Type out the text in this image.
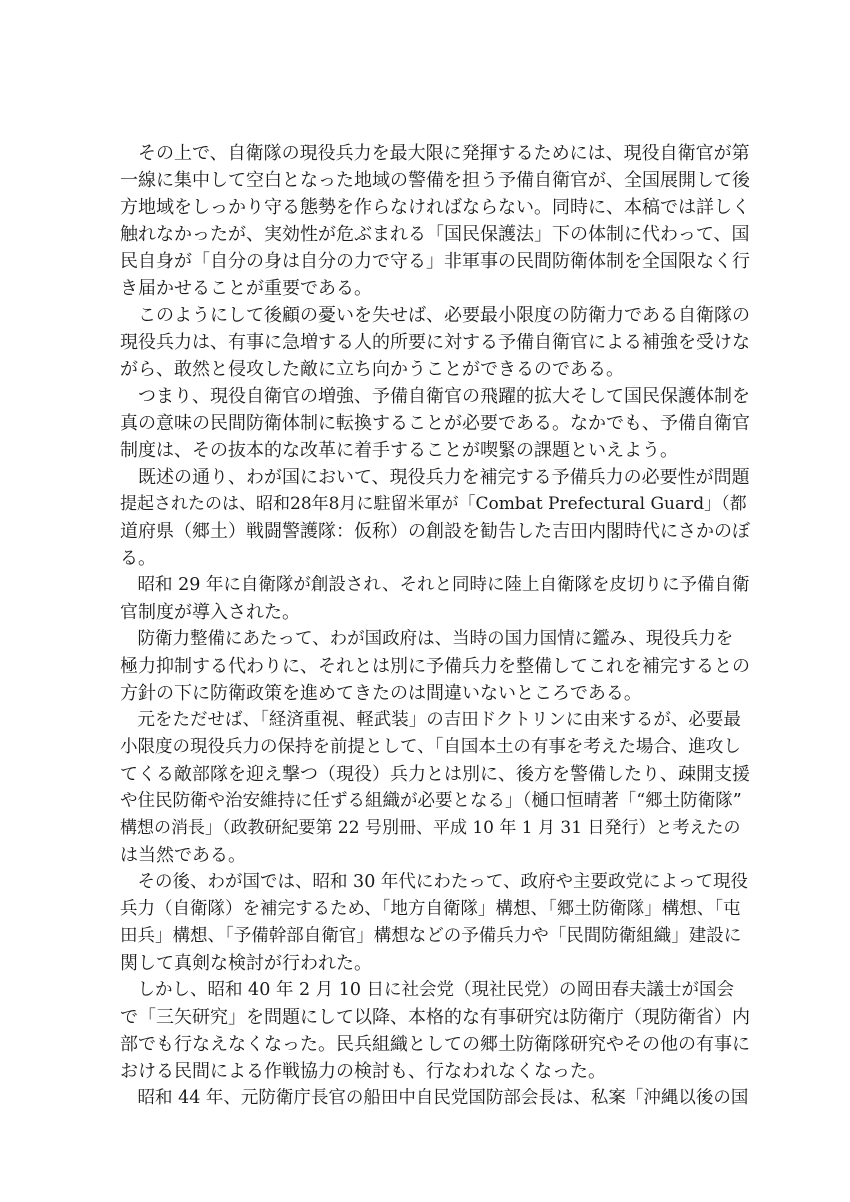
　その上で、自衛隊の現役兵力を最大限に発揮するためには、現役自衛官が第
一線に集中して空白となった地域の警備を担う予備自衛官が、全国展開して後
方地域をしっかり守る態勢を作らなければならない。同時に、本稿では詳しく
触れなかったが、実効性が危ぶまれる「国民保護法」下の体制に代わって、国
民自身が「自分の身は自分の力で守る」非軍事の民間防衛体制を全国限なく行
き届かせることが重要である。
　このようにして後顧の憂いを失せば、必要最小限度の防衛力である自衛隊の
現役兵力は、有事に急増する人的所要に対する予備自衛官による補強を受けな
がら、敢然と侵攻した敵に立ち向かうことができるのである。
　つまり、現役自衛官の増強、予備自衛官の飛躍的拡大そして国民保護体制を
真の意味の民間防衛体制に転換することが必要である。なかでも、予備自衛官
制度は、その抜本的な改革に着手することが喫緊の課題といえよう。
　既述の通り、わが国において、現役兵力を補完する予備兵力の必要性が問題
提起されたのは、昭和28年8月に駐留米軍が「Combat Prefectural Guard」（都
道府県（郷土）戦闘警護隊：仮称）の創設を勧告した吉田内閣時代にさかのぼ
る。
　昭和 29 年に自衛隊が創設され、それと同時に陸上自衛隊を皮切りに予備自衛
官制度が導入された。
　防衛力整備にあたって、わが国政府は、当時の国力国情に鑑み、現役兵力を
極力抑制する代わりに、それとは別に予備兵力を整備してこれを補完するとの
方針の下に防衛政策を進めてきたのは間違いないところである。
　元をただせば、「経済重視、軽武装」の吉田ドクトリンに由来するが、必要最
小限度の現役兵力の保持を前提として、「自国本土の有事を考えた場合、進攻し
てくる敵部隊を迎え撃つ（現役）兵力とは別に、後方を警備したり、疎開支援
や住民防衛や治安維持に任ずる組織が必要となる」（樋口恒晴著「“郷土防衛隊”
構想の消長」（政教研紀要第 22 号別冊、平成 10 年 1 月 31 日発行）と考えたの
は当然である。
　その後、わが国では、昭和 30 年代にわたって、政府や主要政党によって現役
兵力（自衛隊）を補完するため、「地方自衛隊」構想、「郷土防衛隊」構想、「屯
田兵」構想、「予備幹部自衛官」構想などの予備兵力や「民間防衛組織」建設に
関して真剣な検討が行われた。
　しかし、昭和 40 年 2 月 10 日に社会党（現社民党）の岡田春夫議士が国会
で「三矢研究」を問題にして以降、本格的な有事研究は防衛庁（現防衛省）内
部でも行なえなくなった。民兵組織としての郷土防衛隊研究やその他の有事に
おける民間による作戦協力の検討も、行なわれなくなった。
　昭和 44 年、元防衛庁長官の船田中自民党国防部会長は、私案「沖縄以後の国
